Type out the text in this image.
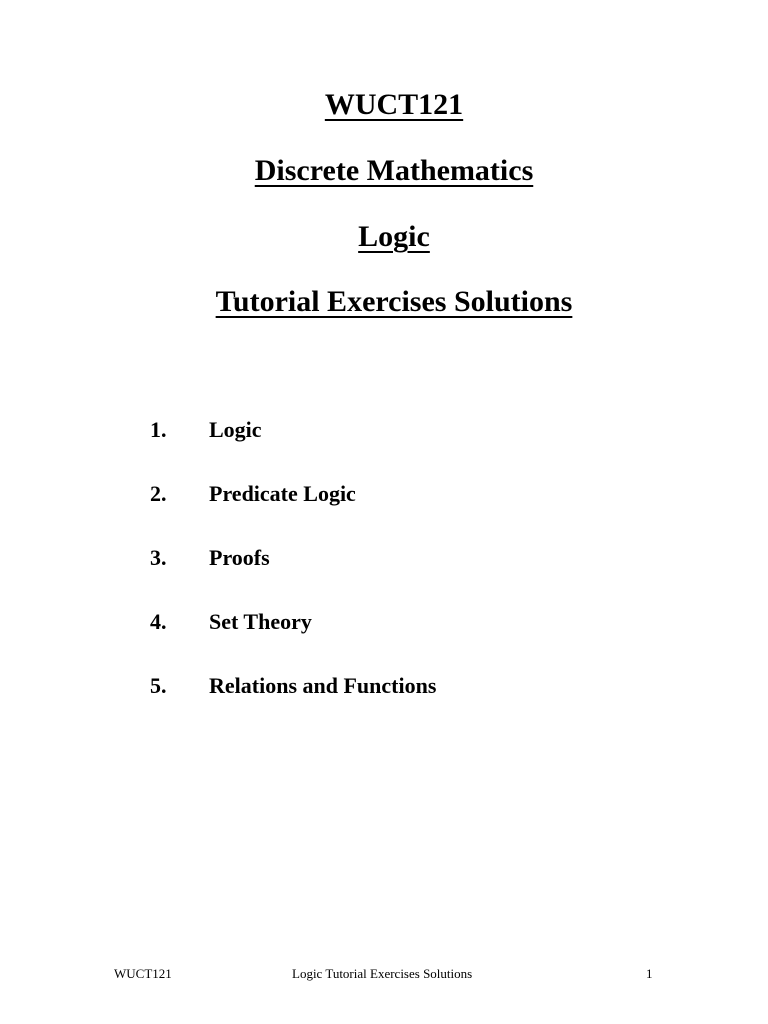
WUCT121
Discrete Mathematics
Logic
Tutorial Exercises Solutions
1. Logic
2. Predicate Logic
3. Proofs
4. Set Theory
5. Relations and Functions
WUCT121	Logic Tutorial Exercises Solutions	1
